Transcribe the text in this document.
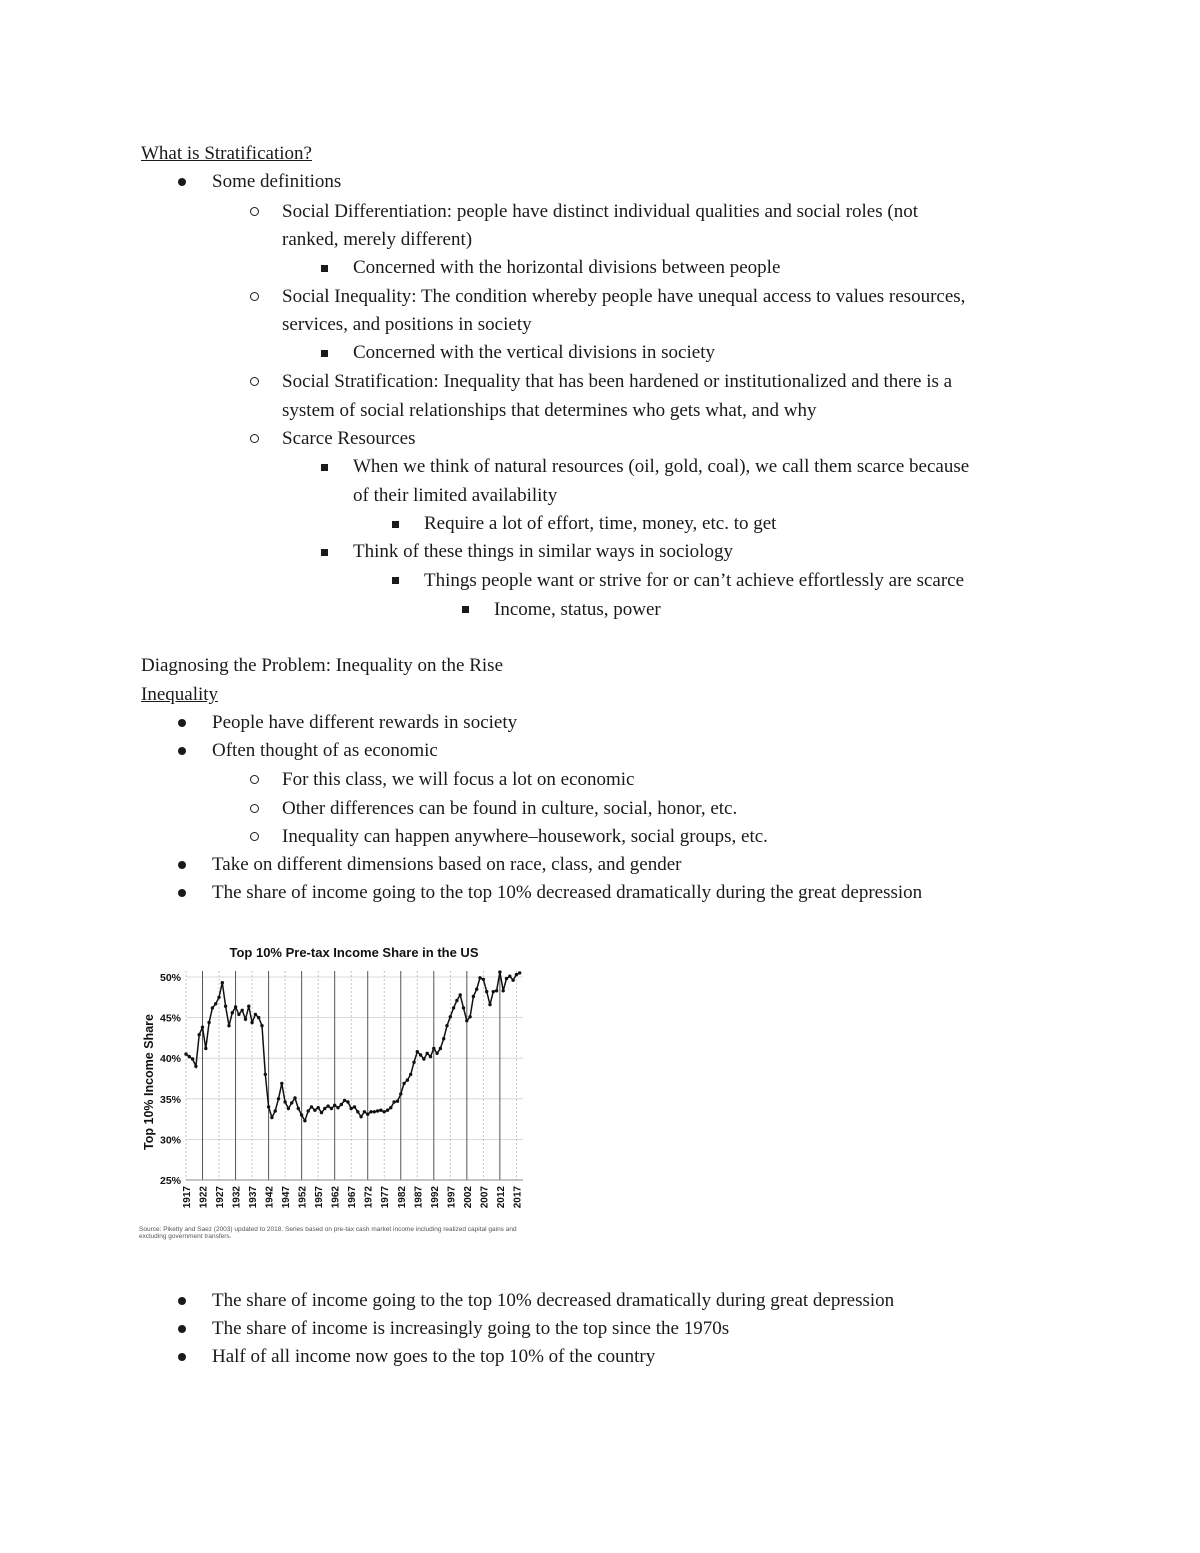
What is Stratification?
Some definitions
Social Differentiation: people have distinct individual qualities and social roles (not
ranked, merely different)
Concerned with the horizontal divisions between people
Social Inequality: The condition whereby people have unequal access to values resources,
services, and positions in society
Concerned with the vertical divisions in society
Social Stratification: Inequality that has been hardened or institutionalized and there is a
system of social relationships that determines who gets what, and why
Scarce Resources
When we think of natural resources (oil, gold, coal), we call them scarce because
of their limited availability
Require a lot of effort, time, money, etc. to get
Think of these things in similar ways in sociology
Things people want or strive for or can’t achieve effortlessly are scarce
Income, status, power
Diagnosing the Problem: Inequality on the Rise
Inequality
People have different rewards in society
Often thought of as economic
For this class, we will focus a lot on economic
Other differences can be found in culture, social, honor, etc.
Inequality can happen anywhere–housework, social groups, etc.
Take on different dimensions based on race, class, and gender
The share of income going to the top 10% decreased dramatically during the great depression
Top 10% Pre-tax Income Share in the US
Top 10% Income Share
50%
45%
40%
35%
30%
25%
1917 1922 1927 1932 1937 1942 1947 1952 1957 1962 1967 1972 1977 1982 1987 1992 1997 2002 2007 2012 2017
Source: Piketty and Saez (2003) updated to 2018. Series based on pre-tax cash market income including realized capital gains and excluding government transfers.
The share of income going to the top 10% decreased dramatically during great depression
The share of income is increasingly going to the top since the 1970s
Half of all income now goes to the top 10% of the country
